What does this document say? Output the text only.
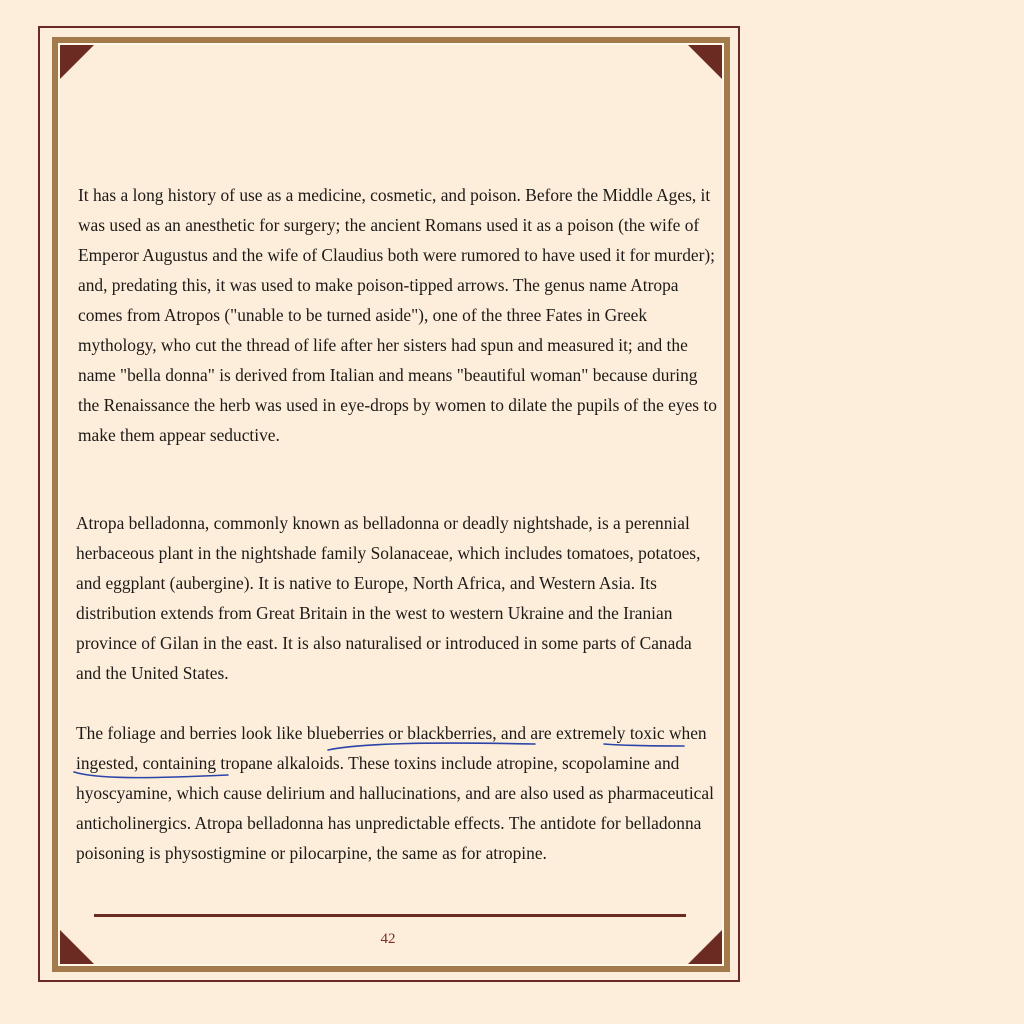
It has a long history of use as a medicine, cosmetic, and poison. Before the Middle Ages, it was used as an anesthetic for surgery; the ancient Romans used it as a poison (the wife of Emperor Augustus and the wife of Claudius both were rumored to have used it for murder); and, predating this, it was used to make poison-tipped arrows. The genus name Atropa comes from Atropos ("unable to be turned aside"), one of the three Fates in Greek mythology, who cut the thread of life after her sisters had spun and measured it; and the name "bella donna" is derived from Italian and means "beautiful woman" because during the Renaissance the herb was used in eye-drops by women to dilate the pupils of the eyes to make them appear seductive.

Atropa belladonna, commonly known as belladonna or deadly nightshade, is a perennial herbaceous plant in the nightshade family Solanaceae, which includes tomatoes, potatoes, and eggplant (aubergine). It is native to Europe, North Africa, and Western Asia. Its distribution extends from Great Britain in the west to western Ukraine and the Iranian province of Gilan in the east. It is also naturalised or introduced in some parts of Canada and the United States.

The foliage and berries look like blueberries or blackberries, and are extremely toxic when ingested, containing tropane alkaloids. These toxins include atropine, scopolamine and hyoscyamine, which cause delirium and hallucinations, and are also used as pharmaceutical anticholinergics. Atropa belladonna has unpredictable effects. The antidote for belladonna poisoning is physostigmine or pilocarpine, the same as for atropine.

42
